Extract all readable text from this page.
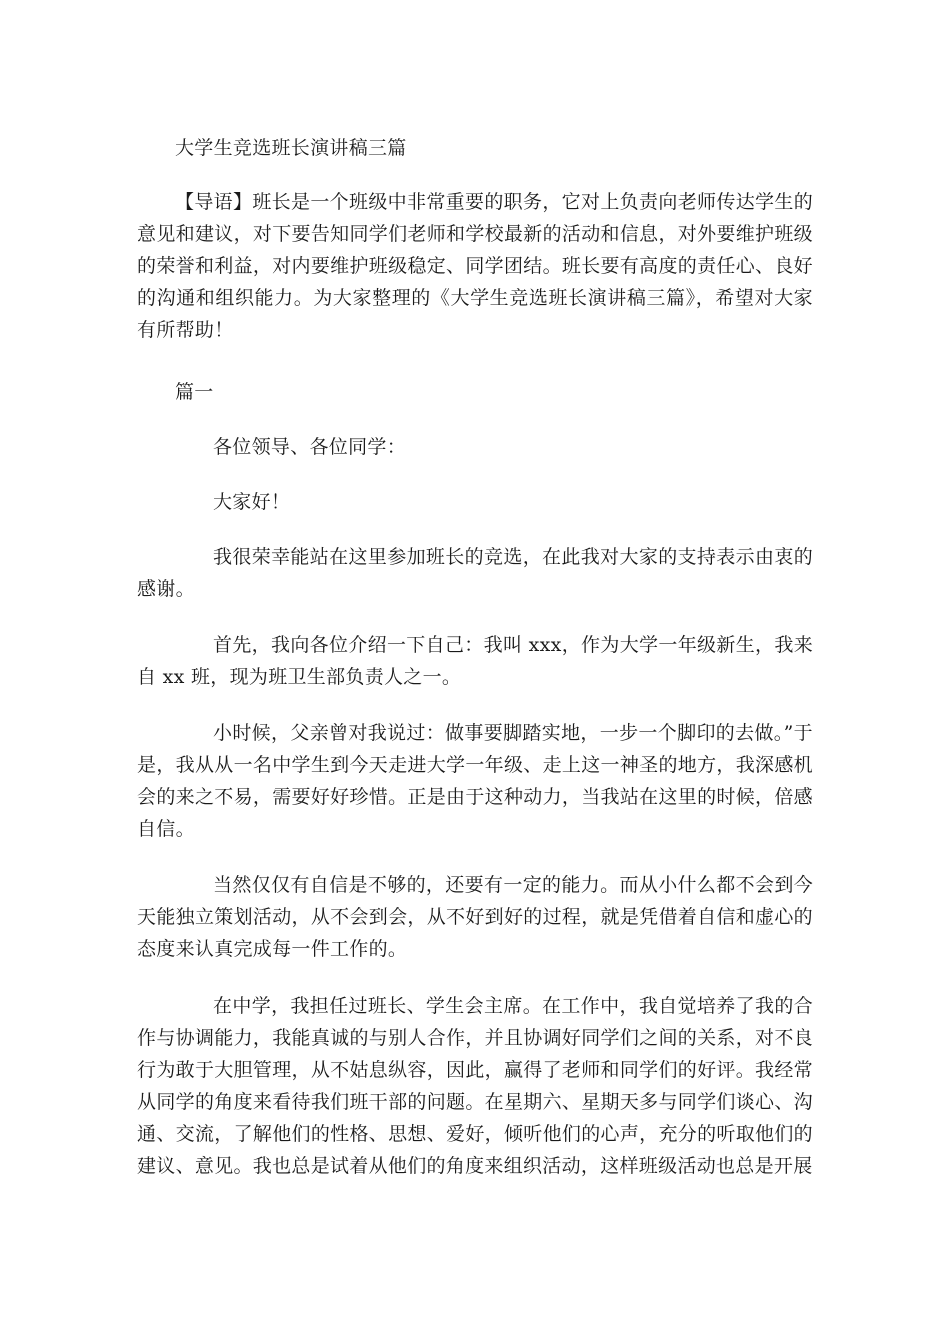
大学生竞选班长演讲稿三篇

【导语】班长是一个班级中非常重要的职务，它对上负责向老师传达学生的意见和建议，对下要告知同学们老师和学校最新的活动和信息，对外要维护班级的荣誉和利益，对内要维护班级稳定、同学团结。班长要有高度的责任心、良好的沟通和组织能力。为大家整理的《大学生竞选班长演讲稿三篇》，希望对大家有所帮助！

篇一

各位领导、各位同学：

大家好！

我很荣幸能站在这里参加班长的竞选，在此我对大家的支持表示由衷的感谢。

首先，我向各位介绍一下自己：我叫 xxx，作为大学一年级新生，我来自 xx 班，现为班卫生部负责人之一。

小时候，父亲曾对我说过：做事要脚踏实地，一步一个脚印的去做。”于是，我从从一名中学生到今天走进大学一年级、走上这一神圣的地方，我深感机会的来之不易，需要好好珍惜。正是由于这种动力，当我站在这里的时候，倍感自信。

当然仅仅有自信是不够的，还要有一定的能力。而从小什么都不会到今天能独立策划活动，从不会到会，从不好到好的过程，就是凭借着自信和虚心的态度来认真完成每一件工作的。

在中学，我担任过班长、学生会主席。在工作中，我自觉培养了我的合作与协调能力，我能真诚的与别人合作，并且协调好同学们之间的关系，对不良行为敢于大胆管理，从不姑息纵容，因此，赢得了老师和同学们的好评。我经常从同学的角度来看待我们班干部的问题。在星期六、星期天多与同学们谈心、沟通、交流，了解他们的性格、思想、爱好，倾听他们的心声，充分的听取他们的建议、意见。我也总是试着从他们的角度来组织活动，这样班级活动也总是开展
